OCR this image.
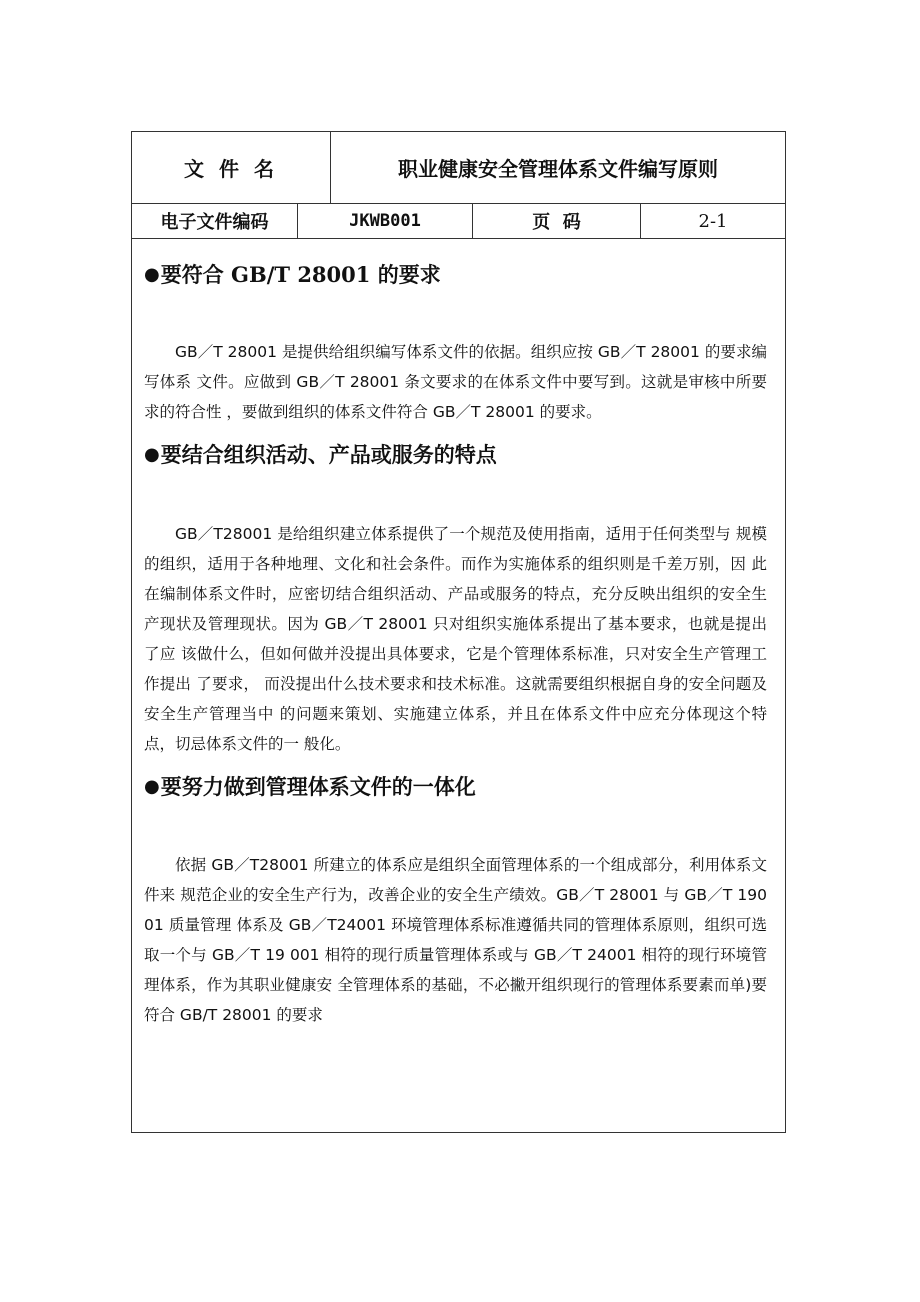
文 件 名	职业健康安全管理体系文件编写原则
电子文件编码	JKWB001	页  码	2-1
● 要符合 GB/T 28001 的要求

GB／T 28001 是提供给组织编写体系文件的依据。组织应按 GB／T 28001 的要求编写体系 文件。应做到 GB／T 28001 条文要求的在体系文件中要写到。这就是审核中所要求的符合性 ，要做到组织的体系文件符合 GB／T 28001 的要求。

● 要结合组织活动、产品或服务的特点

GB／T28001 是给组织建立体系提供了一个规范及使用指南，适用于任何类型与 规模的组织，适用于各种地理、文化和社会条件。而作为实施体系的组织则是千差万别，因 此在编制体系文件时，应密切结合组织活动、产品或服务的特点，充分反映出组织的安全生 产现状及管理现状。因为 GB／T 28001 只对组织实施体系提出了基本要求，也就是提出了应 该做什么，但如何做并没提出具体要求，它是个管理体系标准，只对安全生产管理工作提出 了要求， 而没提出什么技术要求和技术标准。这就需要组织根据自身的安全问题及安全生产管理当中 的问题来策划、实施建立体系，并且在体系文件中应充分体现这个特点，切忌体系文件的一 般化。

● 要努力做到管理体系文件的一体化

依据 GB／T28001 所建立的体系应是组织全面管理体系的一个组成部分，利用体系文件来 规范企业的安全生产行为，改善企业的安全生产绩效。GB／T 28001 与 GB／T 19001 质量管理 体系及 GB／T24001 环境管理体系标准遵循共同的管理体系原则，组织可选取一个与 GB／T 19 001 相符的现行质量管理体系或与 GB／T 24001 相符的现行环境管理体系，作为其职业健康安 全管理体系的基础，不必撇开组织现行的管理体系要素而单)要符合 GB/T 28001 的要求
